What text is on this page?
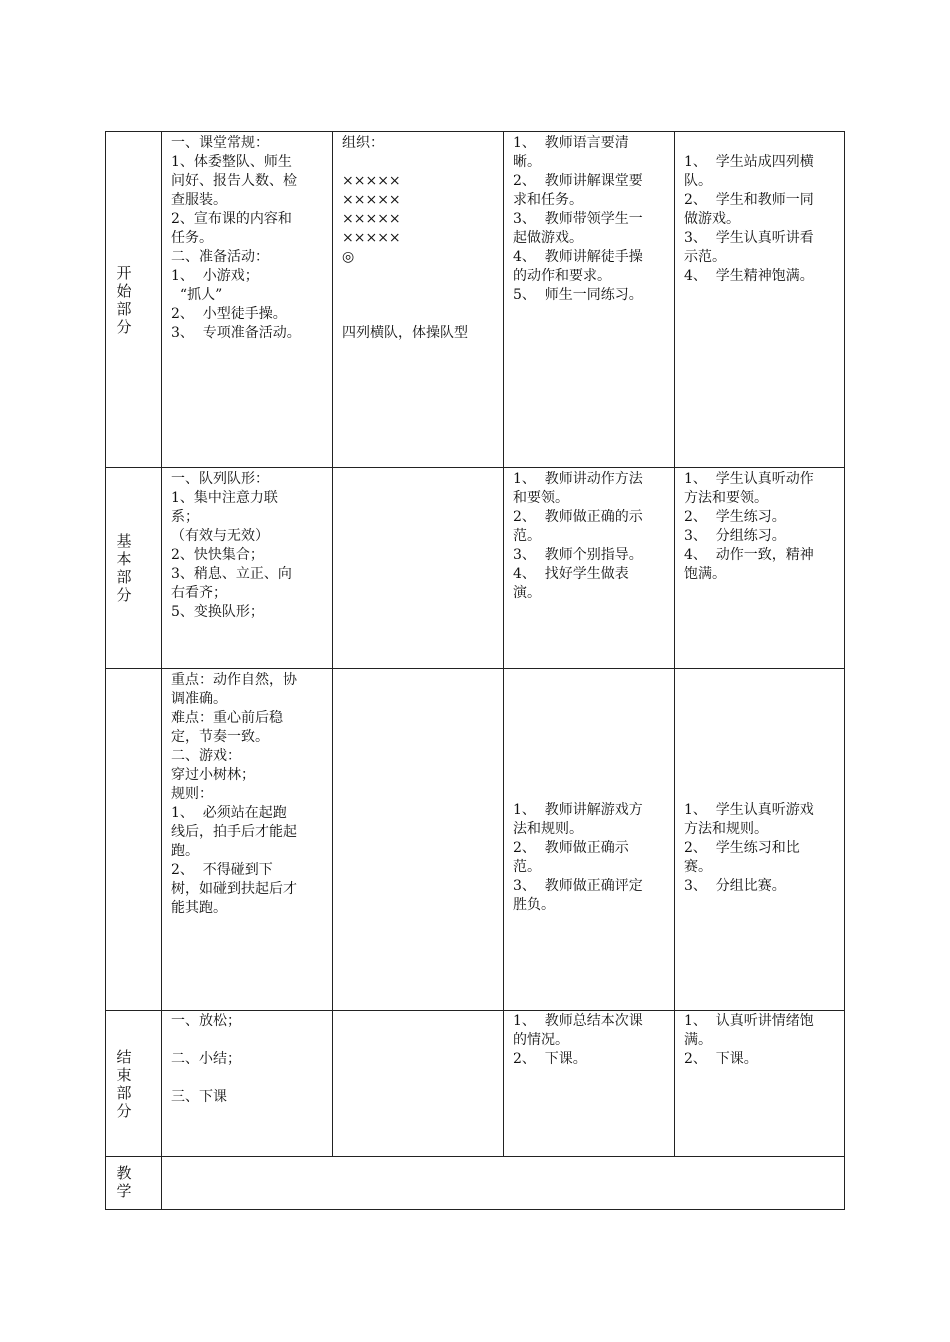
开
始
部
分
一、课堂常规：
1、体委整队、师生
问好、报告人数、检
查服装。
2、宣布课的内容和
任务。
二、准备活动：
1、  小游戏；
“抓人”
2、  小型徒手操。
3、  专项准备活动。
组织：

×××××
×××××
×××××
×××××
◎

四列横队，体操队型
1、  教师语言要清
晰。
2、  教师讲解课堂要
求和任务。
3、  教师带领学生一
起做游戏。
4、  教师讲解徒手操
的动作和要求。
5、  师生一同练习。

1、  学生站成四列横
队。
2、  学生和教师一同
做游戏。
3、  学生认真听讲看
示范。
4、  学生精神饱满。
基
本
部
分
一、队列队形：
1、集中注意力联
系；
（有效与无效）
2、快快集合；
3、稍息、立正、向
右看齐；
5、变换队形；
1、  教师讲动作方法
和要领。
2、  教师做正确的示
范。
3、  教师个别指导。
4、  找好学生做表
演。
1、  学生认真听动作
方法和要领。
2、  学生练习。
3、  分组练习。
4、  动作一致，精神
饱满。
重点：动作自然，协
调准确。
难点：重心前后稳
定，节奏一致。
二、游戏：
穿过小树林；
规则：
1、  必须站在起跑
线后，拍手后才能起
跑。
2、  不得碰到下
树，如碰到扶起后才
能其跑。
1、  教师讲解游戏方
法和规则。
2、  教师做正确示
范。
3、  教师做正确评定
胜负。
1、  学生认真听游戏
方法和规则。
2、  学生练习和比
赛。
3、  分组比赛。
结
束
部
分
一、放松；

二、小结；

三、下课
1、  教师总结本次课
的情况。
2、  下课。
1、  认真听讲情绪饱
满。
2、  下课。
教
学
